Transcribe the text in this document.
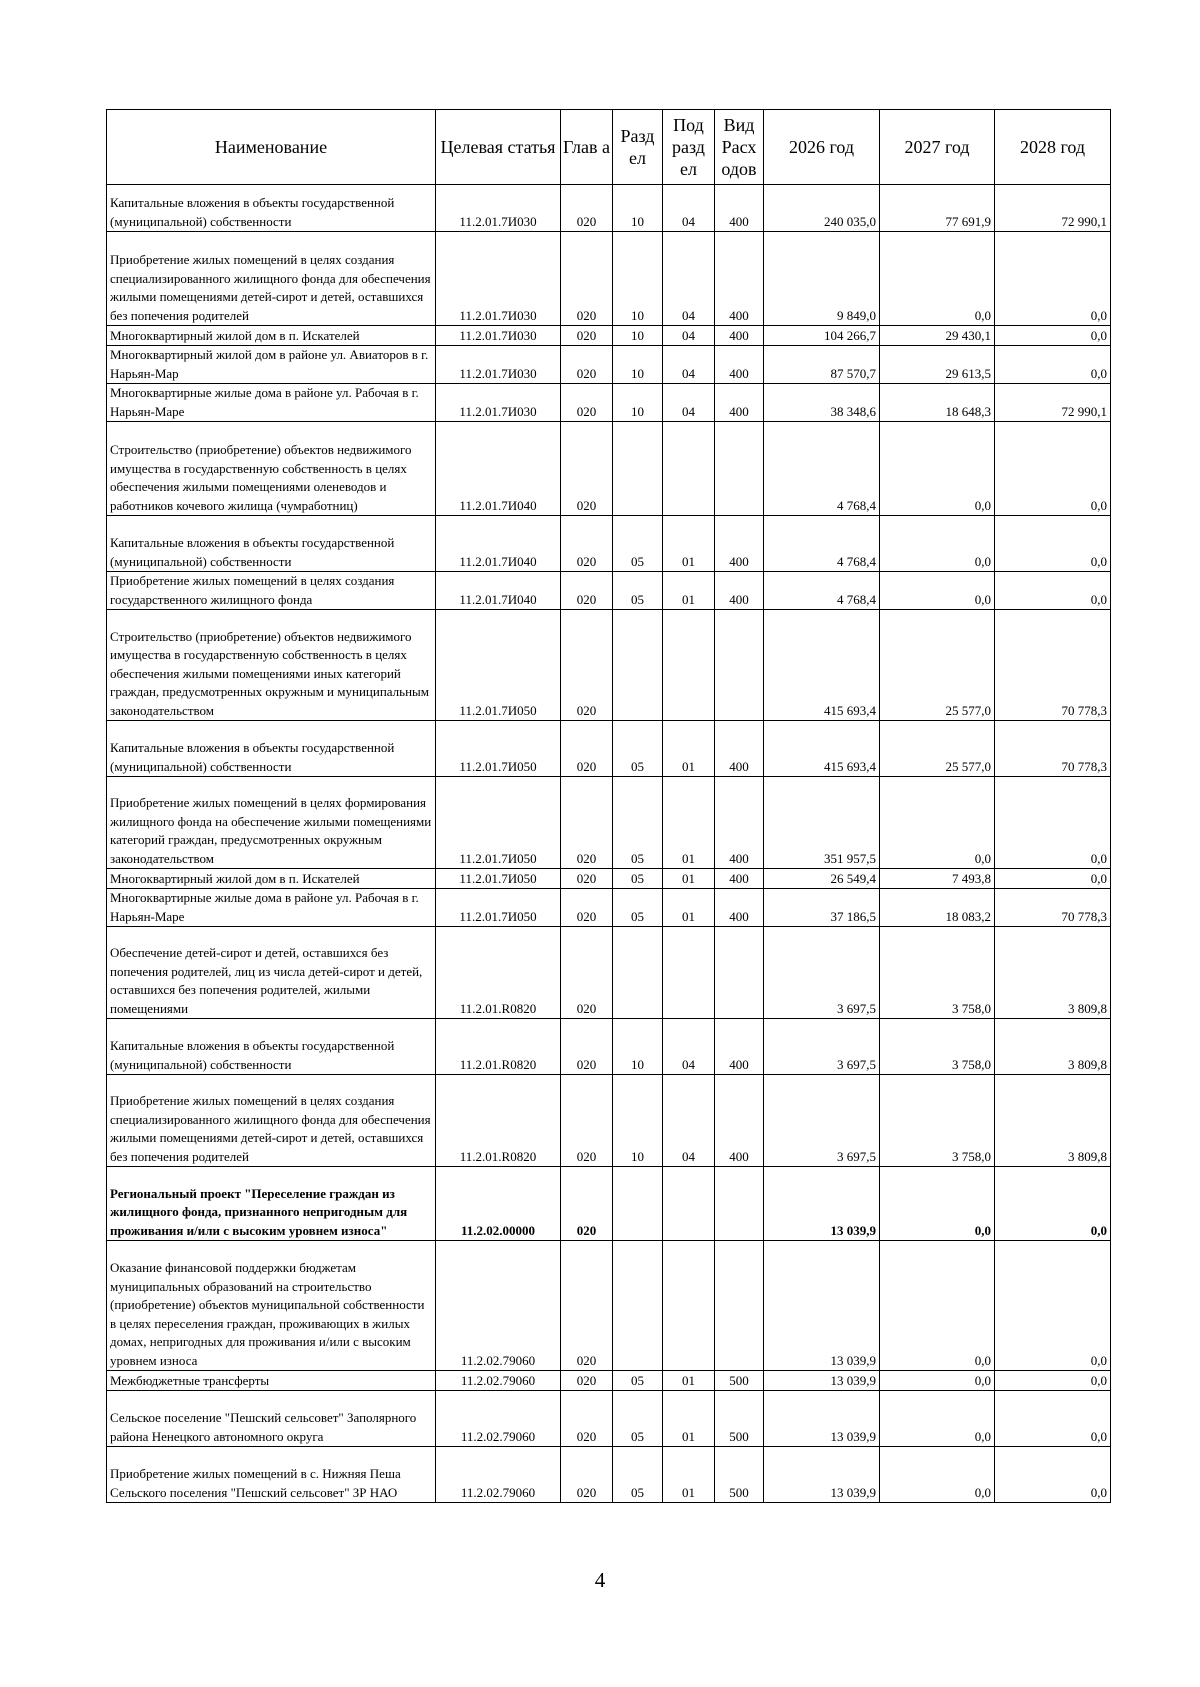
Наименование	Целевая статья	Глав а	Разд ел	Под разд ел	Вид Расх одов	2026 год	2027 год	2028 год
Капитальные вложения в объекты государственной (муниципальной) собственности	11.2.01.7И030	020	10	04	400	240 035,0	77 691,9	72 990,1
Приобретение жилых помещений в целях создания специализированного жилищного фонда для обеспечения жилыми помещениями детей-сирот и детей, оставшихся без попечения родителей	11.2.01.7И030	020	10	04	400	9 849,0	0,0	0,0
Многоквартирный жилой дом в п. Искателей	11.2.01.7И030	020	10	04	400	104 266,7	29 430,1	0,0
Многоквартирный жилой дом в районе ул. Авиаторов в г. Нарьян-Мар	11.2.01.7И030	020	10	04	400	87 570,7	29 613,5	0,0
Многоквартирные жилые дома в районе ул. Рабочая в г. Нарьян-Маре	11.2.01.7И030	020	10	04	400	38 348,6	18 648,3	72 990,1
Строительство (приобретение) объектов недвижимого имущества в государственную собственность в целях обеспечения жилыми помещениями оленеводов и работников кочевого жилища (чумработниц)	11.2.01.7И040	020				4 768,4	0,0	0,0
Капитальные вложения в объекты государственной (муниципальной) собственности	11.2.01.7И040	020	05	01	400	4 768,4	0,0	0,0
Приобретение жилых помещений в целях создания государственного жилищного фонда	11.2.01.7И040	020	05	01	400	4 768,4	0,0	0,0
Строительство (приобретение) объектов недвижимого имущества в государственную собственность в целях обеспечения жилыми помещениями иных категорий граждан, предусмотренных окружным и муниципальным законодательством	11.2.01.7И050	020				415 693,4	25 577,0	70 778,3
Капитальные вложения в объекты государственной (муниципальной) собственности	11.2.01.7И050	020	05	01	400	415 693,4	25 577,0	70 778,3
Приобретение жилых помещений в целях формирования жилищного фонда на обеспечение жилыми помещениями категорий граждан, предусмотренных окружным законодательством	11.2.01.7И050	020	05	01	400	351 957,5	0,0	0,0
Многоквартирный жилой дом в п. Искателей	11.2.01.7И050	020	05	01	400	26 549,4	7 493,8	0,0
Многоквартирные жилые дома в районе ул. Рабочая в г. Нарьян-Маре	11.2.01.7И050	020	05	01	400	37 186,5	18 083,2	70 778,3
Обеспечение детей-сирот и детей, оставшихся без попечения родителей, лиц из числа детей-сирот и детей, оставшихся без попечения родителей, жилыми помещениями	11.2.01.R0820	020				3 697,5	3 758,0	3 809,8
Капитальные вложения в объекты государственной (муниципальной) собственности	11.2.01.R0820	020	10	04	400	3 697,5	3 758,0	3 809,8
Приобретение жилых помещений в целях создания специализированного жилищного фонда для обеспечения жилыми помещениями детей-сирот и детей, оставшихся без попечения родителей	11.2.01.R0820	020	10	04	400	3 697,5	3 758,0	3 809,8
Региональный проект "Переселение граждан из жилищного фонда, признанного непригодным для проживания и/или с высоким уровнем износа"	11.2.02.00000	020				13 039,9	0,0	0,0
Оказание финансовой поддержки бюджетам муниципальных образований на строительство (приобретение) объектов муниципальной собственности в целях переселения граждан, проживающих в жилых домах, непригодных для проживания и/или с высоким уровнем износа	11.2.02.79060	020				13 039,9	0,0	0,0
Межбюджетные трансферты	11.2.02.79060	020	05	01	500	13 039,9	0,0	0,0
Сельское поселение "Пешский сельсовет" Заполярного района Ненецкого автономного округа	11.2.02.79060	020	05	01	500	13 039,9	0,0	0,0
Приобретение жилых помещений в с. Нижняя Пеша Сельского поселения "Пешский сельсовет" ЗР НАО	11.2.02.79060	020	05	01	500	13 039,9	0,0	0,0
4
